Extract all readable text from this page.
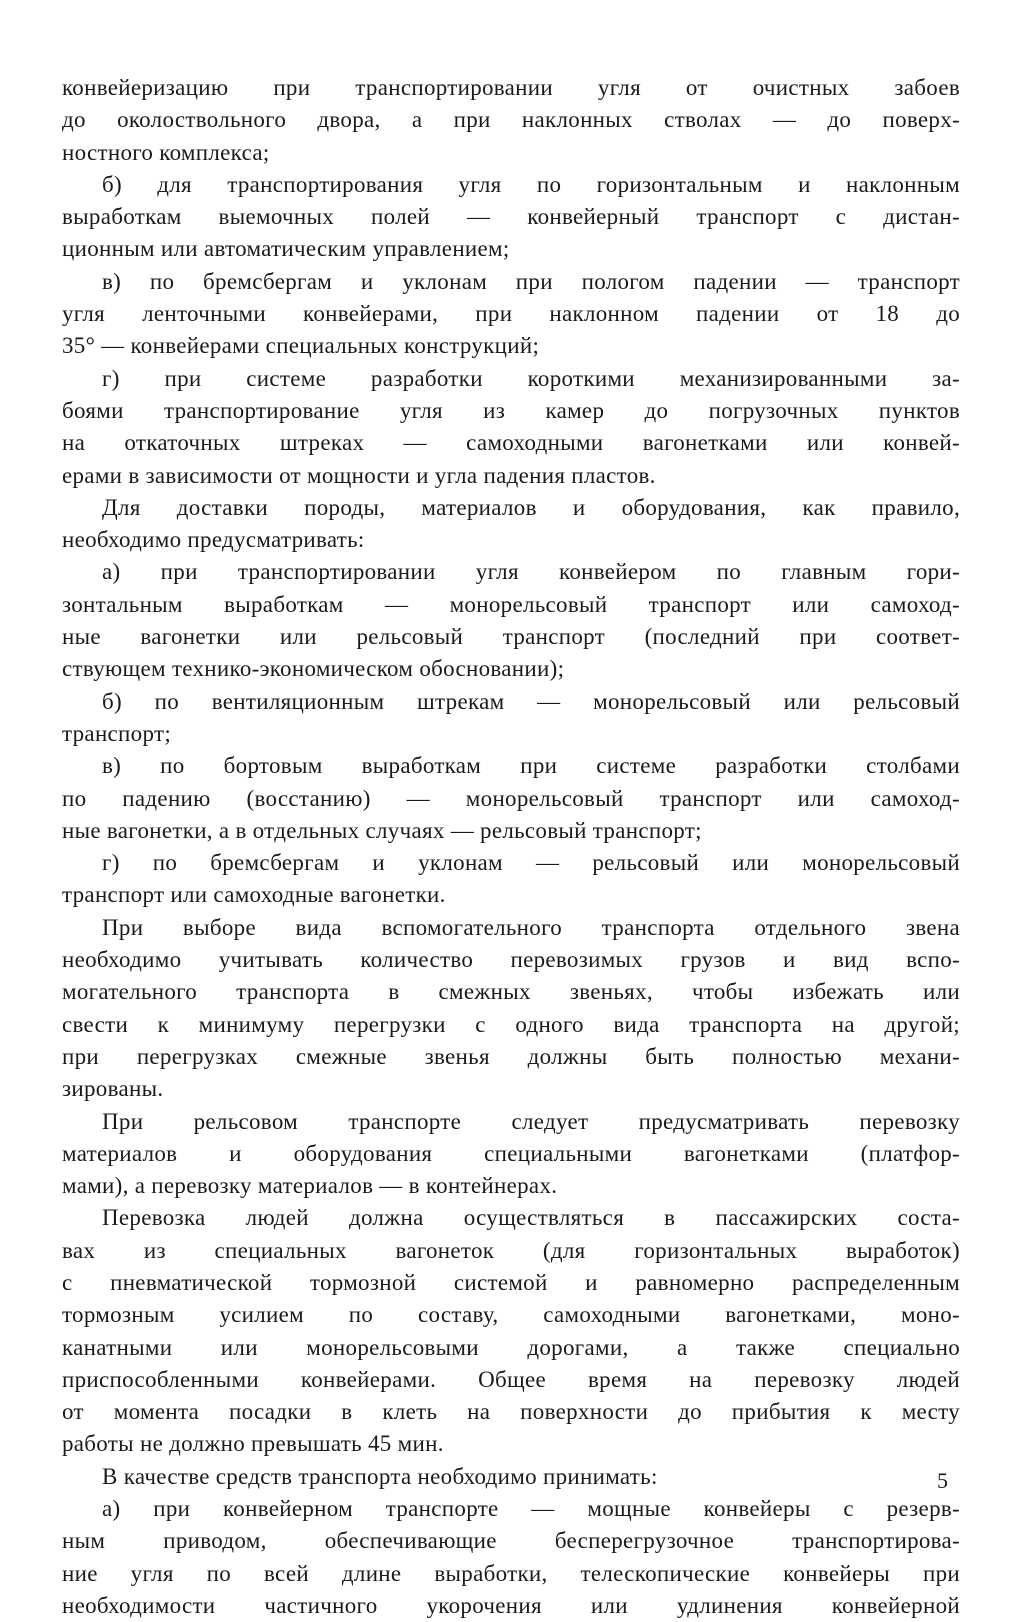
конвейеризацию при транспортировании угля от очистных забоев
до околоствольного двора, а при наклонных стволах — до поверх-
ностного комплекса;
б) для транспортирования угля по горизонтальным и наклонным
выработкам выемочных полей — конвейерный транспорт с дистан-
ционным или автоматическим управлением;
в) по бремсбергам и уклонам при пологом падении — транспорт
угля ленточными конвейерами, при наклонном падении от 18 до
35° — конвейерами специальных конструкций;
г) при системе разработки короткими механизированными за-
боями транспортирование угля из камер до погрузочных пунктов
на откаточных штреках — самоходными вагонетками или конвей-
ерами в зависимости от мощности и угла падения пластов.
Для доставки породы, материалов и оборудования, как правило,
необходимо предусматривать:
а) при транспортировании угля конвейером по главным гори-
зонтальным выработкам — монорельсовый транспорт или самоход-
ные вагонетки или рельсовый транспорт (последний при соответ-
ствующем технико-экономическом обосновании);
б) по вентиляционным штрекам — монорельсовый или рельсовый
транспорт;
в) по бортовым выработкам при системе разработки столбами
по падению (восстанию) — монорельсовый транспорт или самоход-
ные вагонетки, а в отдельных случаях — рельсовый транспорт;
г) по бремсбергам и уклонам — рельсовый или монорельсовый
транспорт или самоходные вагонетки.
При выборе вида вспомогательного транспорта отдельного звена
необходимо учитывать количество перевозимых грузов и вид вспо-
могательного транспорта в смежных звеньях, чтобы избежать или
свести к минимуму перегрузки с одного вида транспорта на другой;
при перегрузках смежные звенья должны быть полностью механи-
зированы.
При рельсовом транспорте следует предусматривать перевозку
материалов и оборудования специальными вагонетками (платфор-
мами), а перевозку материалов — в контейнерах.
Перевозка людей должна осуществляться в пассажирских соста-
вах из специальных вагонеток (для горизонтальных выработок)
с пневматической тормозной системой и равномерно распределенным
тормозным усилием по составу, самоходными вагонетками, моно-
канатными или монорельсовыми дорогами, а также специально
приспособленными конвейерами. Общее время на перевозку людей
от момента посадки в клеть на поверхности до прибытия к месту
работы не должно превышать 45 мин.
В качестве средств транспорта необходимо принимать:
а) при конвейерном транспорте — мощные конвейеры с резерв-
ным приводом, обеспечивающие бесперегрузочное транспортирова-
ние угля по всей длине выработки, телескопические конвейеры при
необходимости частичного укорочения или удлинения конвейерной
5
